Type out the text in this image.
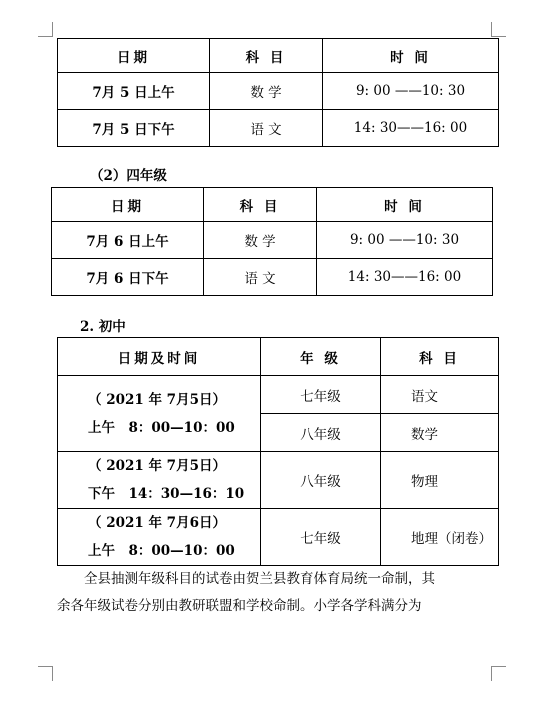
日期	科 目	时 间
7月 5 日上午	数 学	9: 00 ——10: 30
7月 5 日下午	语 文	14: 30——16: 00
（2）四年级
日期	科 目	时 间
7月 6 日上午	数 学	9: 00 ——10: 30
7月 6 日下午	语 文	14: 30——16: 00
2. 初中
日期及时间	年 级	科 目

（ 2021 年 7月5日）
上午　8：00—10：00	七年级	语文
	八年级	数学

（ 2021 年 7月5日）
下午　14：30—16：10	八年级	物理

（ 2021 年 7月6日）
上午　8：00—10：00	七年级	地理（闭卷）
全县抽测年级科目的试卷由贺兰县教育体育局统一命制，其
余各年级试卷分别由教研联盟和学校命制。小学各学科满分为
